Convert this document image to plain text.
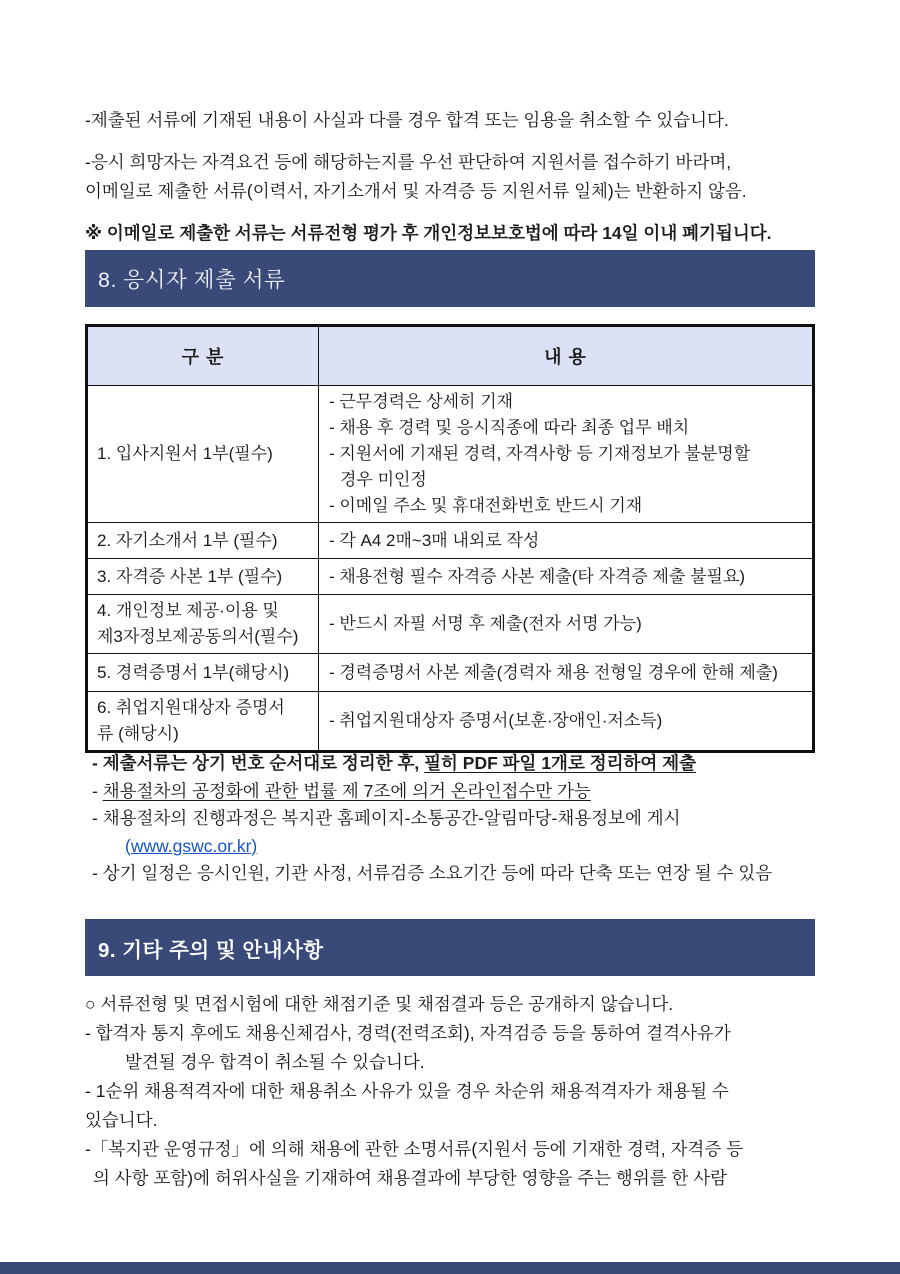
-제출된 서류에 기재된 내용이 사실과 다를 경우 합격 또는 임용을 취소할 수 있습니다.
-응시 희망자는 자격요건 등에 해당하는지를 우선 판단하여 지원서를 접수하기 바라며,
이메일로 제출한 서류(이력서, 자기소개서 및 자격증 등 지원서류 일체)는 반환하지 않음.
※ 이메일로 제출한 서류는 서류전형 평가 후 개인정보보호법에 따라 14일 이내 폐기됩니다.
8. 응시자 제출 서류
구 분	내 용
1. 입사지원서 1부(필수)	- 근무경력은 상세히 기재
- 채용 후 경력 및 응시직종에 따라 최종 업무 배치
- 지원서에 기재된 경력, 자격사항 등 기재정보가 불분명할
경우 미인정
- 이메일 주소 및 휴대전화번호 반드시 기재

2. 자기소개서 1부 (필수)	- 각 A4 2매~3매 내외로 작성
3. 자격증 사본 1부 (필수)	- 채용전형 필수 자격증 사본 제출(타 자격증 제출 불필요)

4. 개인정보 제공·이용 및
제3자정보제공동의서(필수)	- 반드시 자필 서명 후 제출(전자 서명 가능)
5. 경력증명서 1부(해당시)	- 경력증명서 사본 제출(경력자 채용 전형일 경우에 한해 제출)

6. 취업지원대상자 증명서
류 (해당시)	- 취업지원대상자 증명서(보훈·장애인·저소득)
- 제출서류는 상기 번호 순서대로 정리한 후, 필히 PDF 파일 1개로 정리하여 제출
- 채용절차의 공정화에 관한 법률 제 7조에 의거 온라인접수만 가능
- 채용절차의 진행과정은 복지관 홈페이지-소통공간-알림마당-채용정보에 게시
(www.gswc.or.kr)
- 상기 일정은 응시인원, 기관 사정, 서류검증 소요기간 등에 따라 단축 또는 연장 될 수 있음
9. 기타 주의 및 안내사항
○ 서류전형 및 면접시험에 대한 채점기준 및 채점결과 등은 공개하지 않습니다.
- 합격자 통지 후에도 채용신체검사, 경력(전력조회), 자격검증 등을 통하여 결격사유가
발견될 경우 합격이 취소될 수 있습니다.
- 1순위 채용적격자에 대한 채용취소 사유가 있을 경우 차순위 채용적격자가 채용될 수
있습니다.
-「복지관 운영규정」에 의해 채용에 관한 소명서류(지원서 등에 기재한 경력, 자격증 등
의 사항 포함)에 허위사실을 기재하여 채용결과에 부당한 영향을 주는 행위를 한 사람
